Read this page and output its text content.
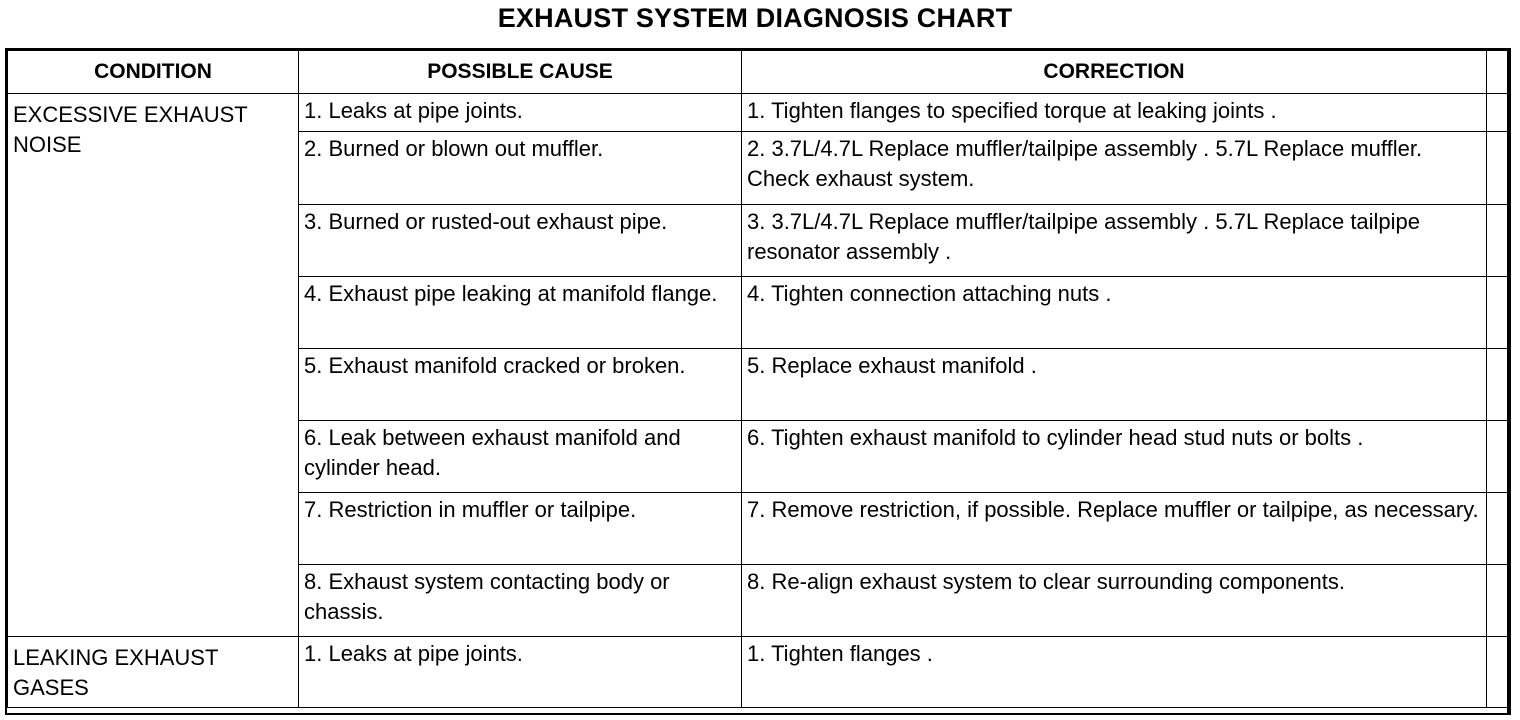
EXHAUST SYSTEM DIAGNOSIS CHART
CONDITION	POSSIBLE CAUSE	CORRECTION	
EXCESSIVE EXHAUST NOISE	1. Leaks at pipe joints.	1. Tighten flanges to specified torque at leaking joints .	
	2. Burned or blown out muffler.	2. 3.7L/4.7L Replace muffler/tailpipe assembly . 5.7L Replace muffler. Check exhaust system.	
	3. Burned or rusted-out exhaust pipe.	3. 3.7L/4.7L Replace muffler/tailpipe assembly . 5.7L Replace tailpipe resonator assembly .	
	4. Exhaust pipe leaking at manifold flange.	4. Tighten connection attaching nuts .	
	5. Exhaust manifold cracked or broken.	5. Replace exhaust manifold .	
	6. Leak between exhaust manifold and cylinder head.	6. Tighten exhaust manifold to cylinder head stud nuts or bolts .	
	7. Restriction in muffler or tailpipe.	7. Remove restriction, if possible. Replace muffler or tailpipe, as necessary.	
	8. Exhaust system contacting body or chassis.	8. Re-align exhaust system to clear surrounding components.	
LEAKING EXHAUST GASES	1. Leaks at pipe joints.	1. Tighten flanges .	
